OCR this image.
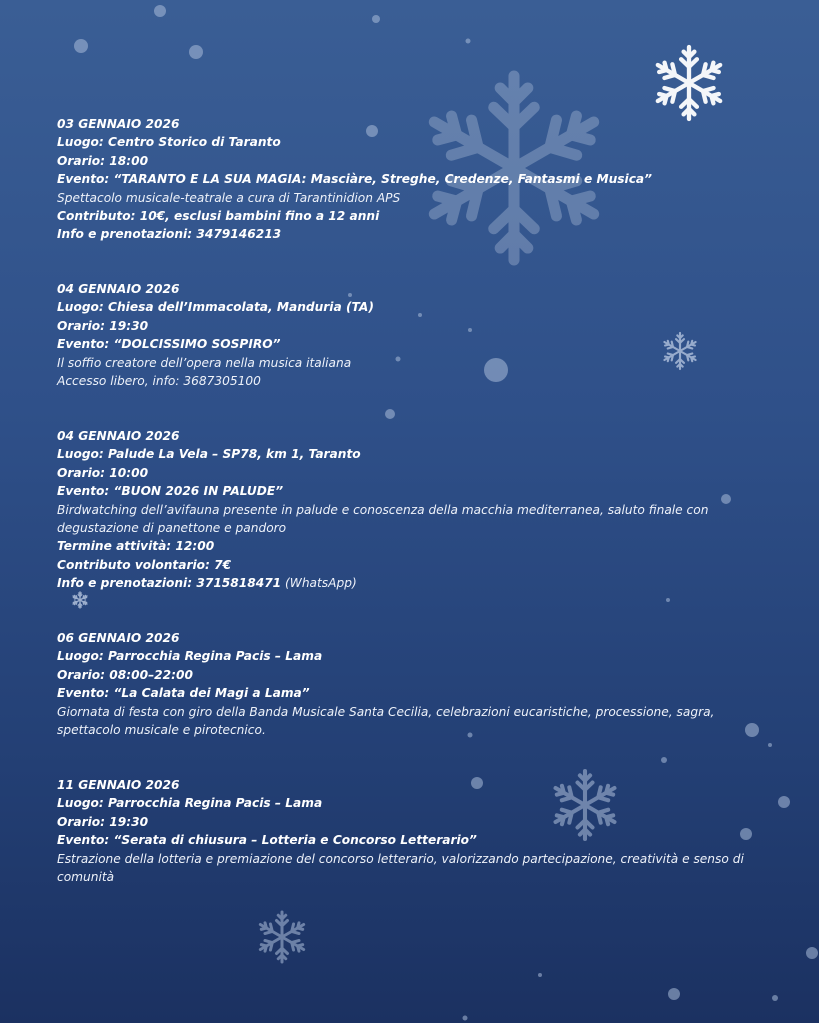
03 GENNAIO 2026
Luogo: Centro Storico di Taranto
Orario: 18:00
Evento: “TARANTO E LA SUA MAGIA: Masciàre, Streghe, Credenze, Fantasmi e Musica”
Spettacolo musicale-teatrale a cura di Tarantinidion APS
Contributo: 10€, esclusi bambini fino a 12 anni
Info e prenotazioni: 3479146213
04 GENNAIO 2026
Luogo: Chiesa dell’Immacolata, Manduria (TA)
Orario: 19:30
Evento: “DOLCISSIMO SOSPIRO”
Il soffio creatore dell’opera nella musica italiana
Accesso libero, info: 3687305100
04 GENNAIO 2026
Luogo: Palude La Vela – SP78, km 1, Taranto
Orario: 10:00
Evento: “BUON 2026 IN PALUDE”
Birdwatching dell’avifauna presente in palude e conoscenza della macchia mediterranea, saluto finale con degustazione di panettone e pandoro
Termine attività: 12:00
Contributo volontario: 7€
Info e prenotazioni: 3715818471 (WhatsApp)
06 GENNAIO 2026
Luogo: Parrocchia Regina Pacis – Lama
Orario: 08:00–22:00
Evento: “La Calata dei Magi a Lama”
Giornata di festa con giro della Banda Musicale Santa Cecilia, celebrazioni eucaristiche, processione, sagra, spettacolo musicale e pirotecnico.
11 GENNAIO 2026
Luogo: Parrocchia Regina Pacis – Lama
Orario: 19:30
Evento: “Serata di chiusura – Lotteria e Concorso Letterario”
Estrazione della lotteria e premiazione del concorso letterario, valorizzando partecipazione, creatività e senso di comunità
